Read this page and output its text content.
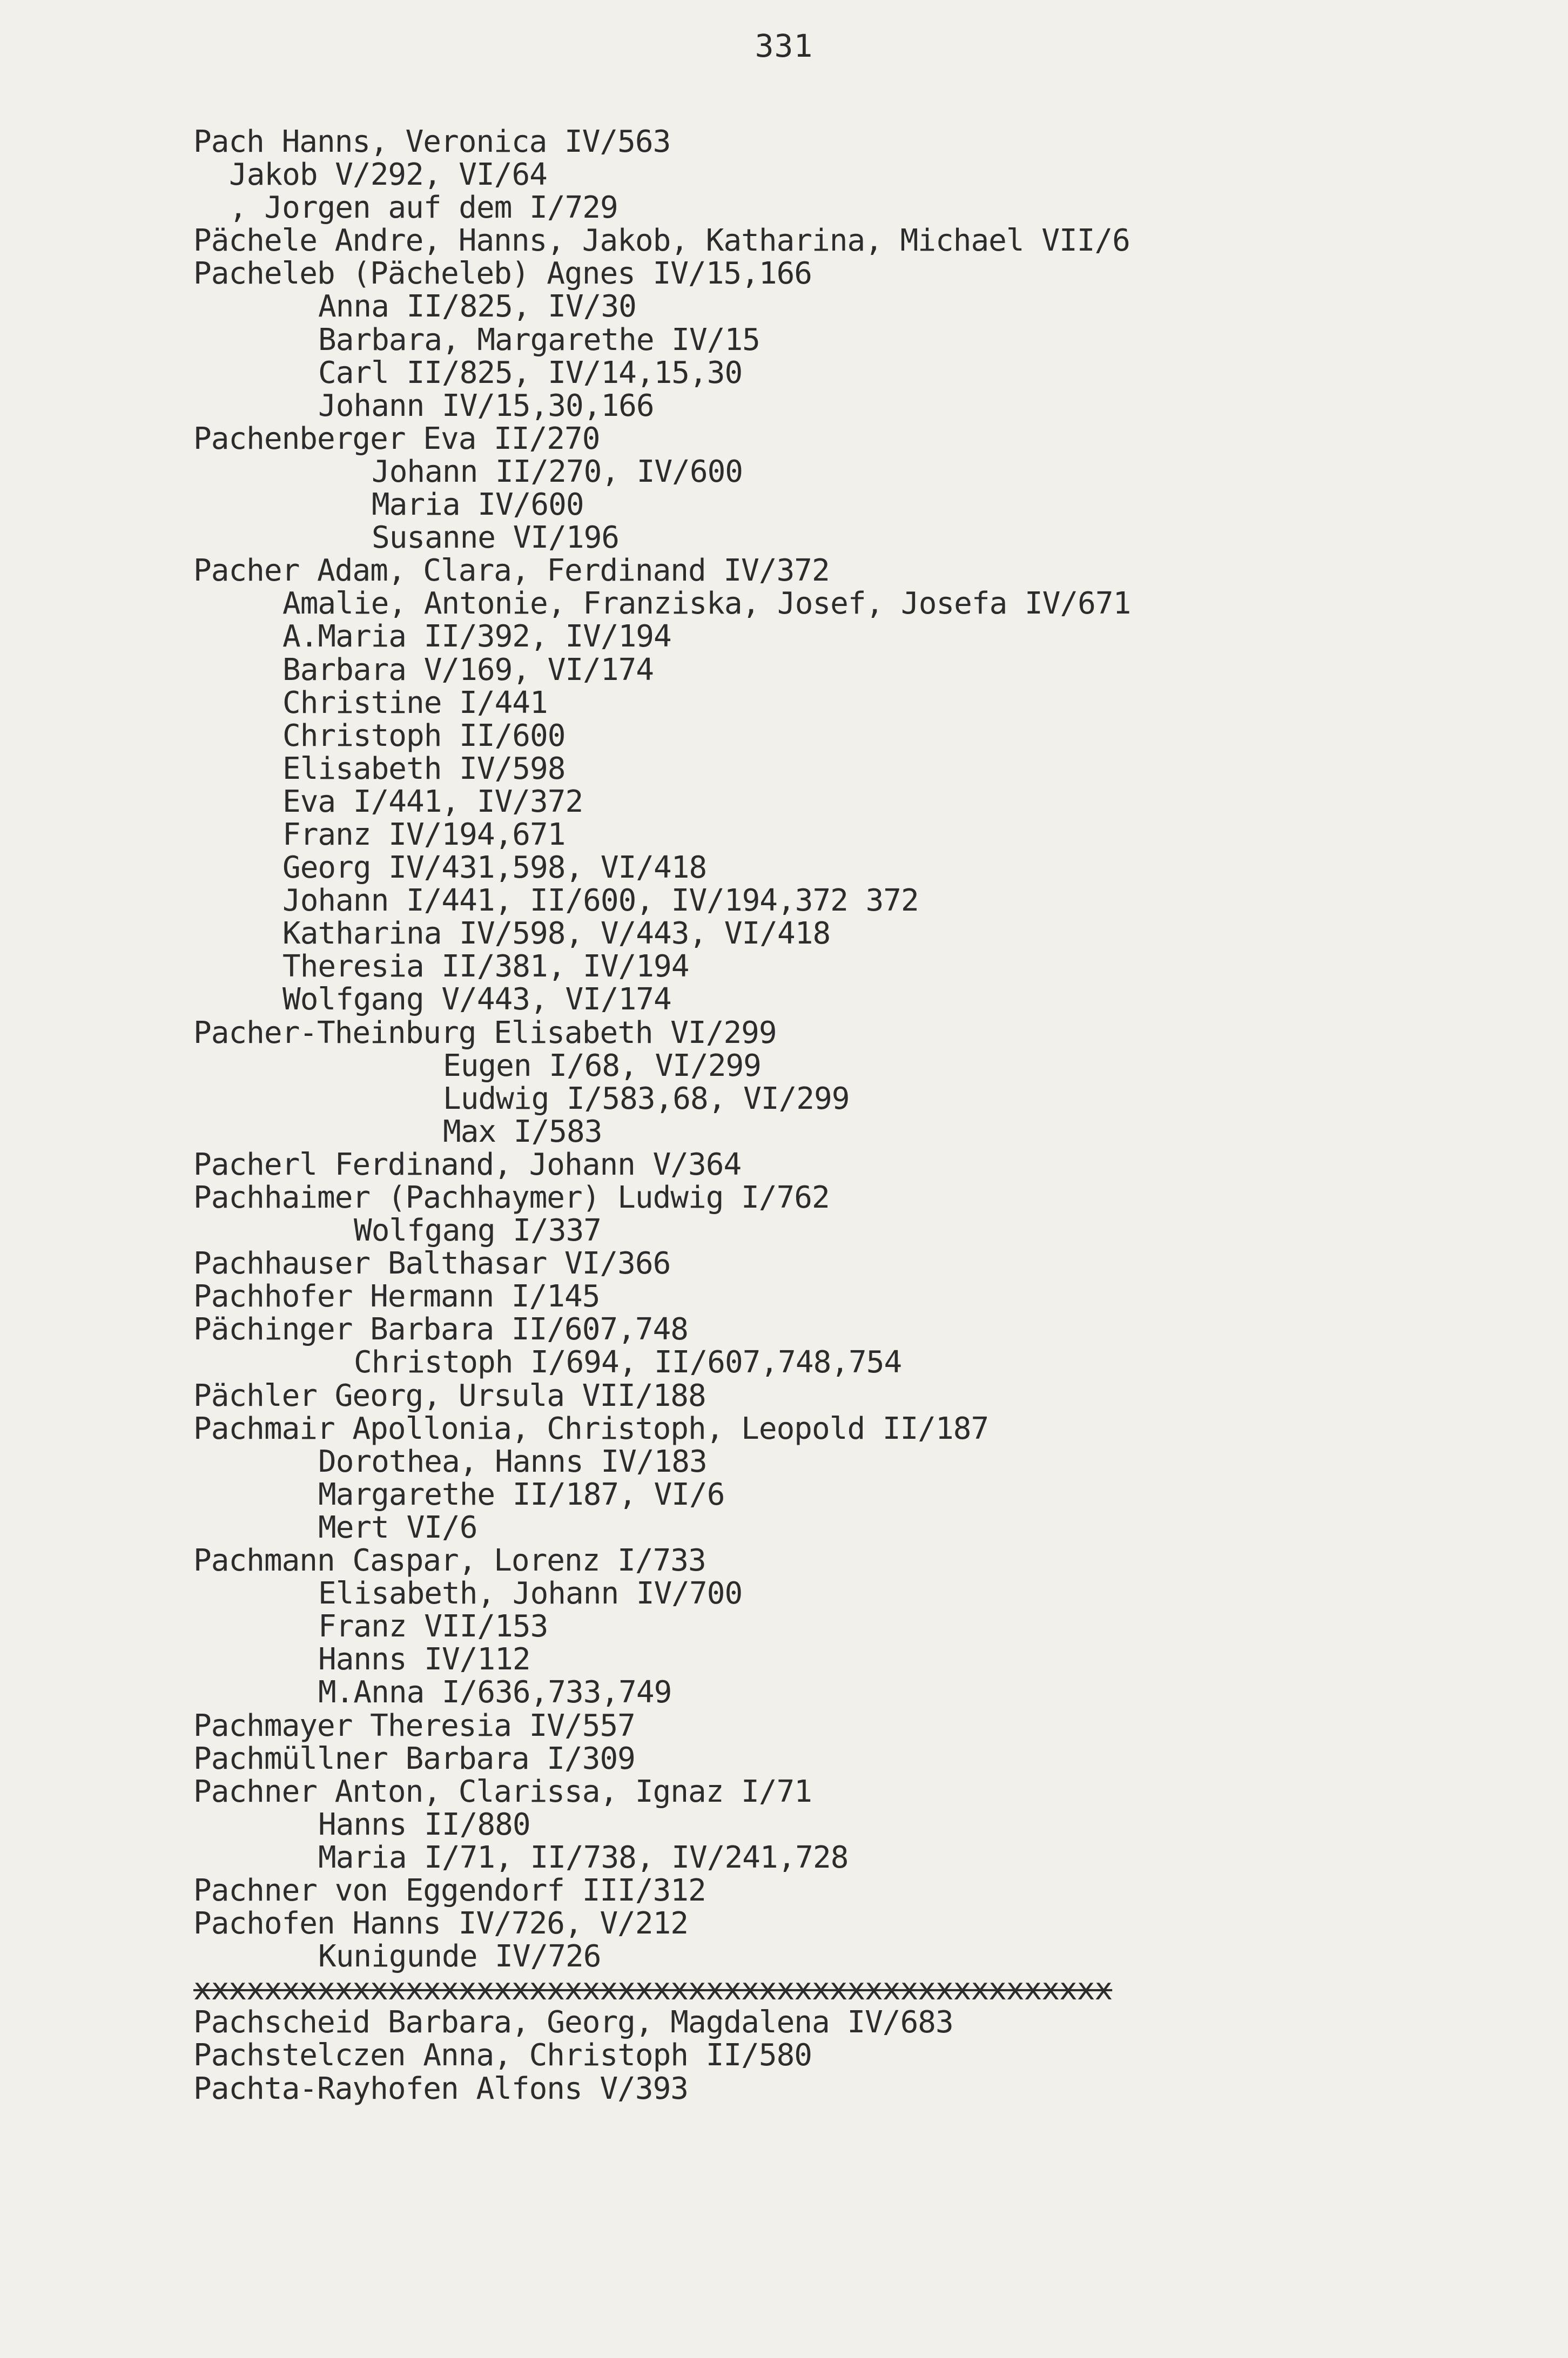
331
Pach Hanns, Veronica IV/563
Jakob V/292, VI/64
, Jorgen auf dem I/729
Pächele Andre, Hanns, Jakob, Katharina, Michael VII/6
Pacheleb (Pächeleb) Agnes IV/15,166
Anna II/825, IV/30
Barbara, Margarethe IV/15
Carl II/825, IV/14,15,30
Johann IV/15,30,166
Pachenberger Eva II/270
Johann II/270, IV/600
Maria IV/600
Susanne VI/196
Pacher Adam, Clara, Ferdinand IV/372
Amalie, Antonie, Franziska, Josef, Josefa IV/671
A.Maria II/392, IV/194
Barbara V/169, VI/174
Christine I/441
Christoph II/600
Elisabeth IV/598
Eva I/441, IV/372
Franz IV/194,671
Georg IV/431,598, VI/418
Johann I/441, II/600, IV/194,372 372
Katharina IV/598, V/443, VI/418
Theresia II/381, IV/194
Wolfgang V/443, VI/174
Pacher-Theinburg Elisabeth VI/299
Eugen I/68, VI/299
Ludwig I/583,68, VI/299
Max I/583
Pacherl Ferdinand, Johann V/364
Pachhaimer (Pachhaymer) Ludwig I/762
Wolfgang I/337
Pachhauser Balthasar VI/366
Pachhofer Hermann I/145
Pächinger Barbara II/607,748
Christoph I/694, II/607,748,754
Pächler Georg, Ursula VII/188
Pachmair Apollonia, Christoph, Leopold II/187
Dorothea, Hanns IV/183
Margarethe II/187, VI/6
Mert VI/6
Pachmann Caspar, Lorenz I/733
Elisabeth, Johann IV/700
Franz VII/153
Hanns IV/112
M.Anna I/636,733,749
Pachmayer Theresia IV/557
Pachmüllner Barbara I/309
Pachner Anton, Clarissa, Ignaz I/71
Hanns II/880
Maria I/71, II/738, IV/241,728
Pachner von Eggendorf III/312
Pachofen Hanns IV/726, V/212
Kunigunde IV/726
xxxxxxxxxxxxxxxxxxxxxxxxxxxxxxxxxxxxxxxxxxxxxxxxxxxx
Pachscheid Barbara, Georg, Magdalena IV/683
Pachstelczen Anna, Christoph II/580
Pachta-Rayhofen Alfons V/393
